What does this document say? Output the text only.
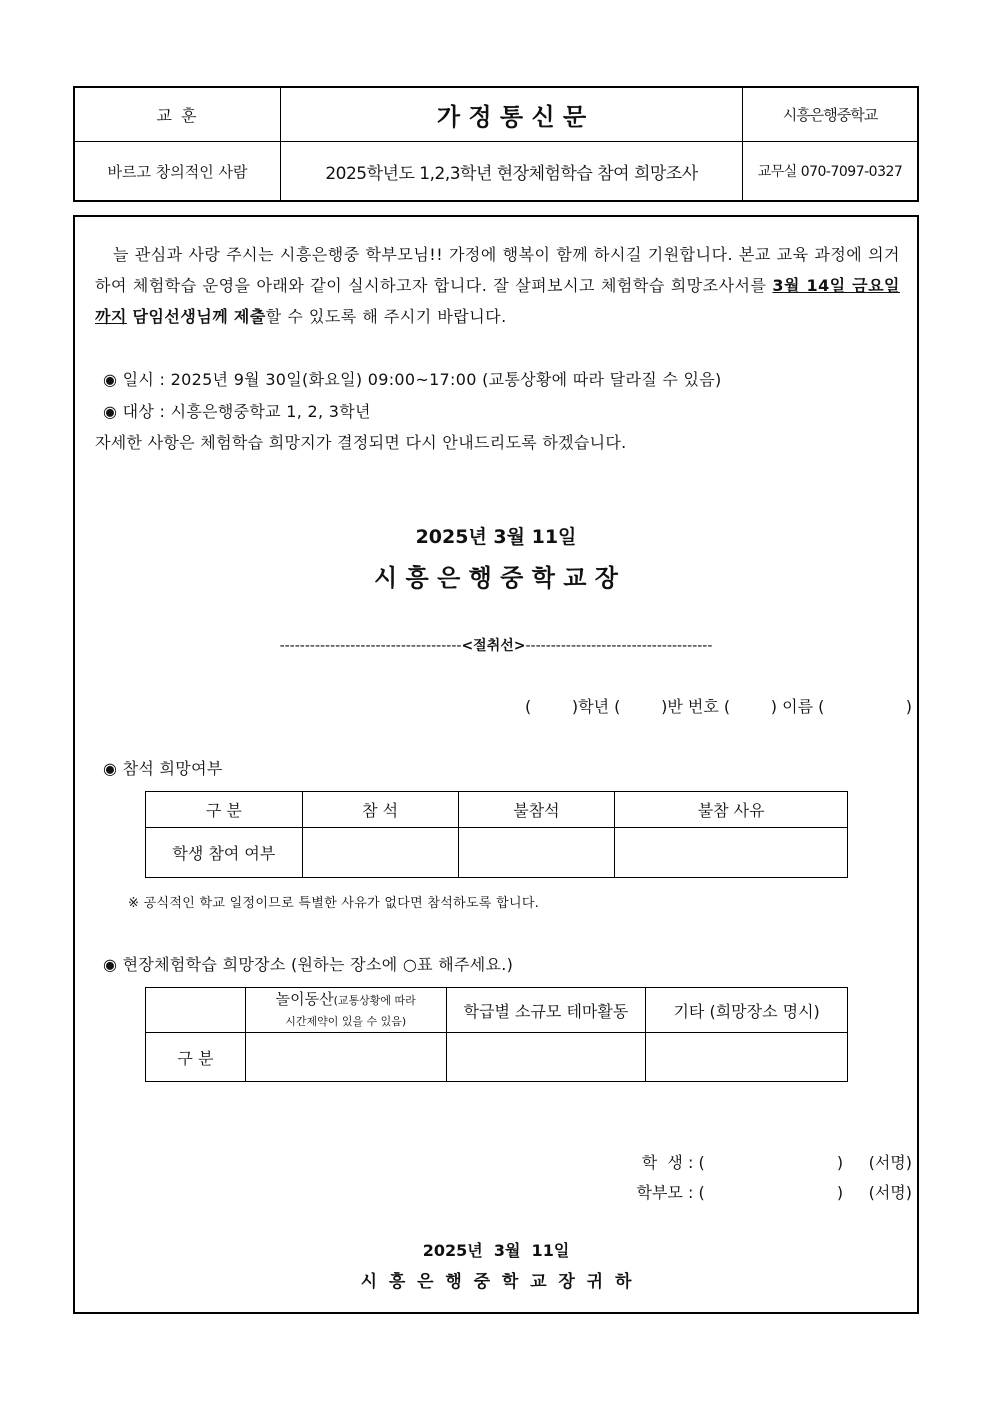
교 훈	가 정 통 신 문	시흥은행중학교
바르고 창의적인 사람	2025학년도 1,2,3학년 현장체험학습 참여 희망조사	교무실 070-7097-0327
늘 관심과 사랑 주시는 시흥은행중 학부모님!! 가정에 행복이 함께 하시길 기원합니다. 본교 교육 과정에 의거하여 체험학습 운영을 아래와 같이 실시하고자 합니다. 잘 살펴보시고 체험학습 희망조사서를 3월 14일 금요일까지 담임선생님께 제출할 수 있도록 해 주시기 바랍니다.
◉ 일시 : 2025년 9월 30일(화요일) 09:00~17:00 (교통상황에 따라 달라질 수 있음)
◉ 대상 : 시흥은행중학교 1, 2, 3학년
자세한 사항은 체험학습 희망지가 결정되면 다시 안내드리도록 하겠습니다.
2025년 3월 11일
시 흥 은 행 중 학 교 장
------------------------------------<절취선>-------------------------------------
(        )학년 (        )반 번호 (        ) 이름 (                )
◉ 참석 희망여부
구 분	참 석	불참석	불참 사유
학생 참여 여부			
※ 공식적인 학교 일정이므로 특별한 사유가 없다면 참석하도록 합니다.
◉ 현장체험학습 희망장소 (원하는 장소에 ○표 해주세요.)
	놀이동산(교통상황에 따라
시간제약이 있을 수 있음)	학급별 소규모 테마활동	기타 (희망장소 명시)
구 분			
학  생 : (                          )     (서명)
학부모 : (                          )     (서명)
2025년  3월  11일
시  흥  은  행  중  학  교  장  귀  하
